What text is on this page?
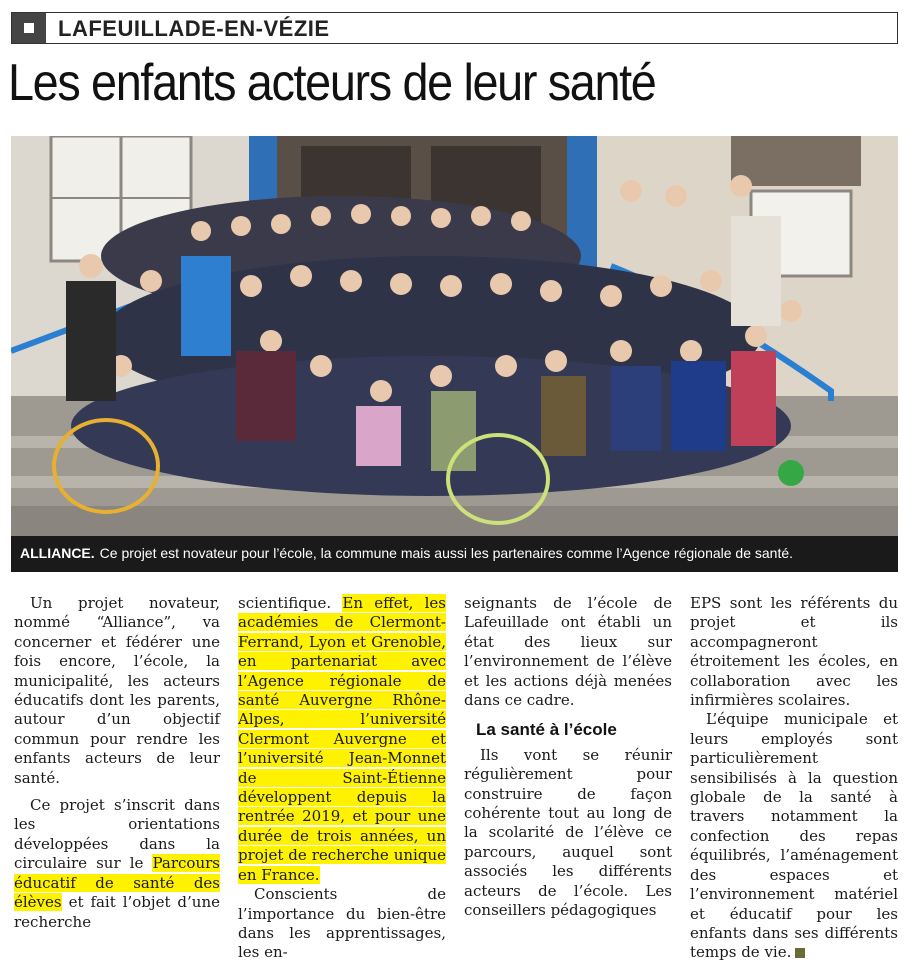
LAFEUILLADE-EN-VÉZIE
Les enfants acteurs de leur santé
ALLIANCE. Ce projet est novateur pour l’école, la commune mais aussi les partenaires comme l’Agence régionale de santé.

Un projet novateur, nommé “Alliance”, va concerner et fédérer une fois encore, l’école, la municipalité, les acteurs éducatifs dont les parents, autour d’un objectif commun pour rendre les enfants acteurs de leur santé.

Ce projet s’inscrit dans les orientations développées dans la circulaire sur le Parcours éducatif de santé des élèves et fait l’objet d’une recherche

scientifique. En effet, les académies de Clermont-Ferrand, Lyon et Grenoble, en partenariat avec l’Agence régionale de santé Auvergne Rhône-Alpes, l’université Clermont Auvergne et l’université Jean-Monnet de Saint-Étienne développent depuis la rentrée 2019, et pour une durée de trois années, un projet de recherche unique en France.

Conscients de l’importance du bien-être dans les apprentissages, les en-

seignants de l’école de Lafeuillade ont établi un état des lieux sur l’environnement de l’élève et les actions déjà menées dans ce cadre.

La santé à l’école

Ils vont se réunir régulièrement pour construire de façon cohérente tout au long de la scolarité de l’élève ce parcours, auquel sont associés les différents acteurs de l’école. Les conseillers pédagogiques

EPS sont les référents du projet et ils accompagneront étroitement les écoles, en collaboration avec les infirmières scolaires.

L’équipe municipale et leurs employés sont particulièrement sensibilisés à la question globale de la santé à travers notamment la confection des repas équilibrés, l’aménagement des espaces et l’environnement matériel et éducatif pour les enfants dans ses différents temps de vie.
